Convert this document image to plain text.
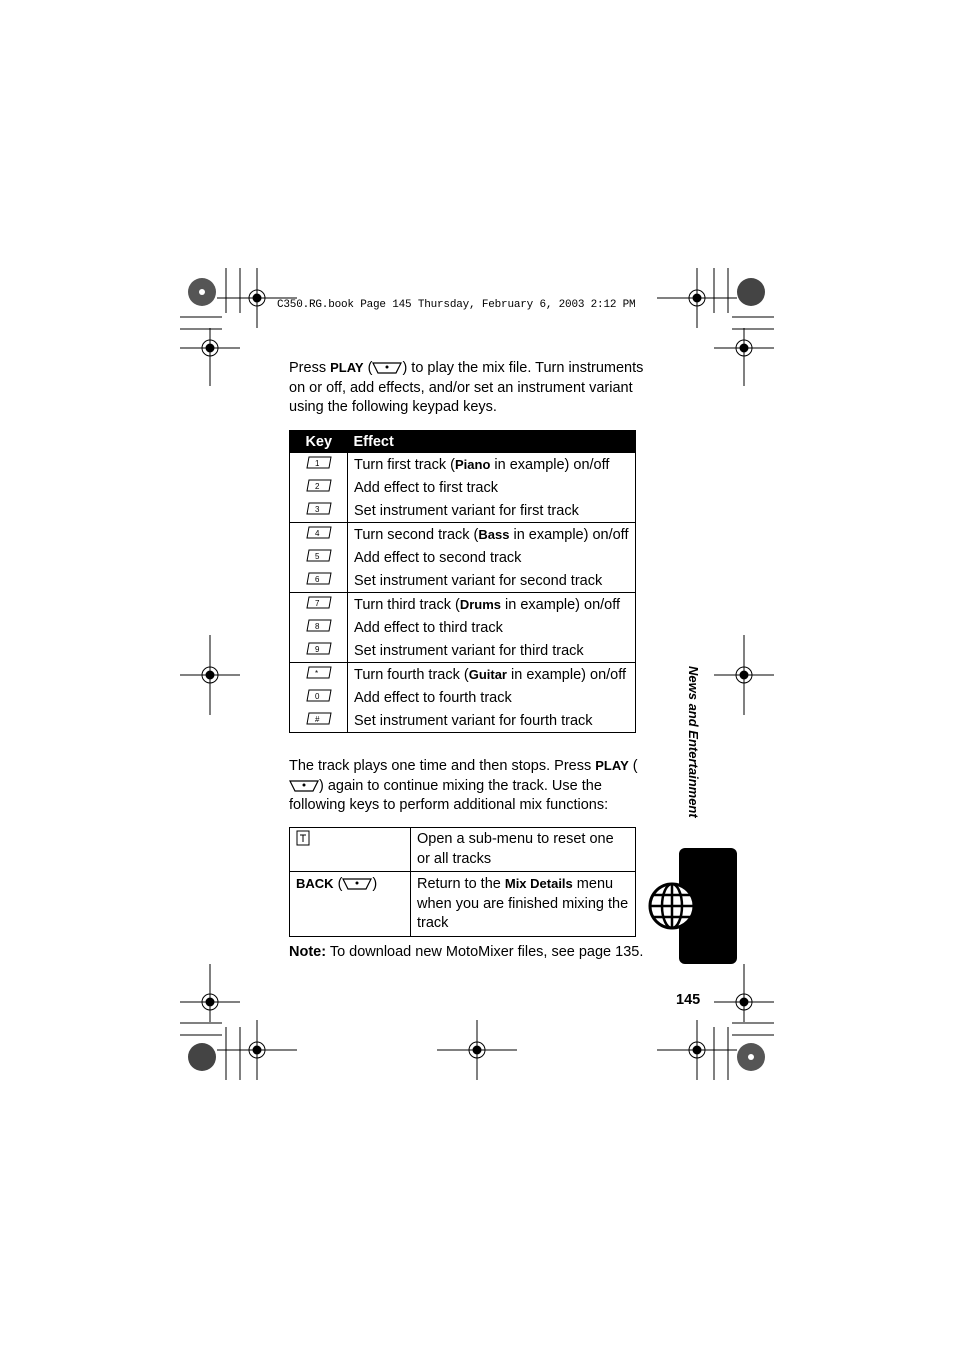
C350.RG.book Page 145 Thursday, February 6, 2003 2:12 PM
Press PLAY ( ) to play the mix file. Turn instruments on or off, add effects, and/or set an instrument variant using the following keypad keys.
Key	Effect

1	Turn first track (Piano in example) on/off

2	Add effect to first track

3	Set instrument variant for first track

4	Turn second track (Bass in example) on/off

5	Add effect to second track

6	Set instrument variant for second track

7	Turn third track (Drums in example) on/off

8	Add effect to third track

9	Set instrument variant for third track

*	Turn fourth track (Guitar in example) on/off

0	Add effect to fourth track

#	Set instrument variant for fourth track
The track plays one time and then stops. Press PLAY () again to continue mixing the track. Use the following keys to perform additional mix functions:
	Open a sub-menu to reset one or all tracks
BACK ( )	Return to the Mix Details menu when you are finished mixing the track
Note: To download new MotoMixer files, see page 135.
News and Entertainment
145
